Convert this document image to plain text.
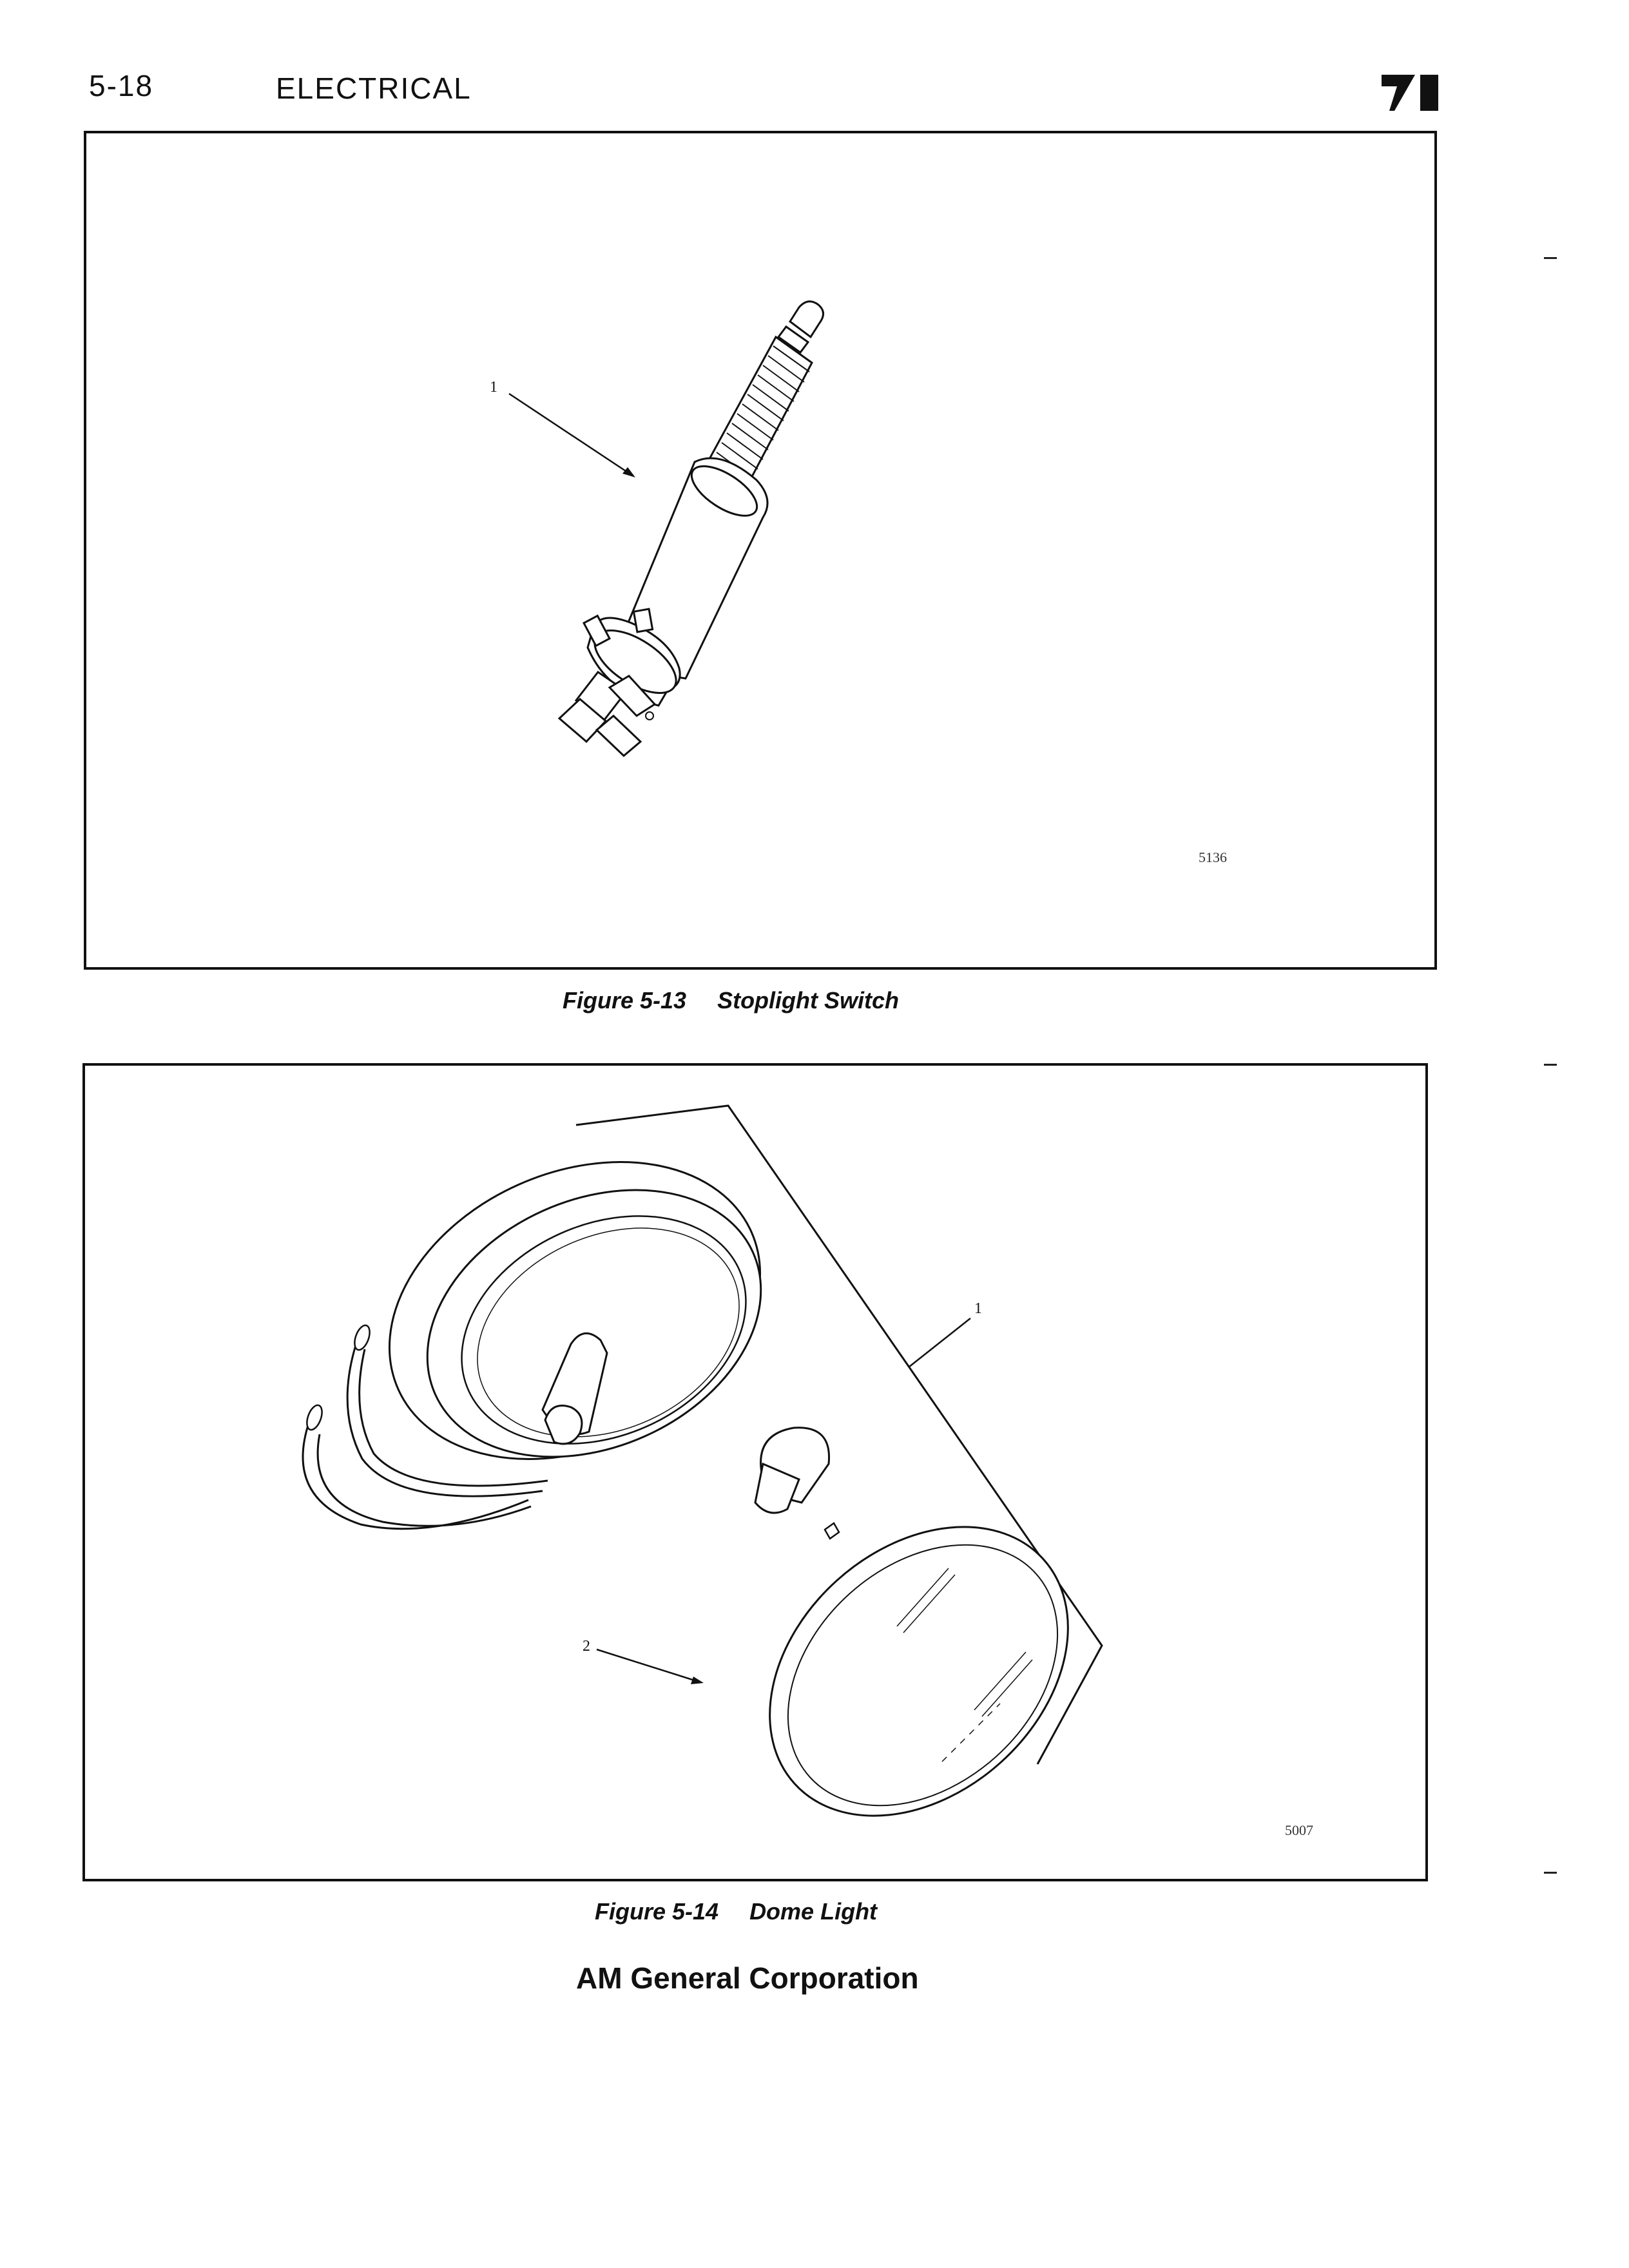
5-18	ELECTRICAL
1
5136
Figure 5-13 Stoplight Switch
1
2
5007
Figure 5-14 Dome Light
AM General Corporation
